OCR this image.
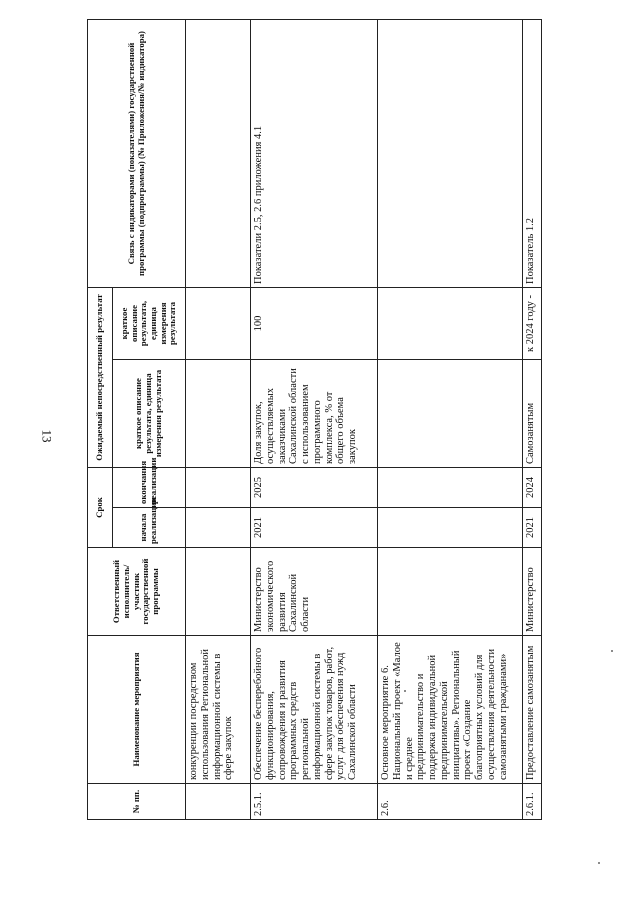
13
№ пп.	Наименование мероприятия	Ответственный исполнитель/участник государственной программы	Срок		Ожидаемый непосредственный результат		Связь с индикаторами (показателями) государственной программы (подпрограммы) (№ Приложения/№ индикатора)
			начала реализации	окончания реализации	краткое описание результата, единица измерения результата	краткое описание результата, единица измерения результата	
	конкуренции посредством использования Региональной информационной системы в сфере закупок						
2.5.1.	Обеспечение бесперебойного функционирования, сопровождения и развития программных средств региональной информационной системы в сфере закупок товаров, работ, услуг для обеспечения нужд Сахалинской области	Министерство экономического развития Сахалинской области	2021	2025	Доля закупок, осуществляемых заказчиками Сахалинской области с использованием программного комплекса, % от общего объема закупок	100	Показатели 2.5, 2.6 приложения 4.1
2.6.	Основное мероприятие 6. Национальный проект «Малое и среднее предпринимательство и поддержка индивидуальной предпринимательской инициативы». Региональный проект «Создание благоприятных условий для осуществления деятельности самозанятыми гражданами»						
2.6.1.	Предоставление самозанятым	Министерство	2021	2024	Самозанятым	к 2024 году -	Показатель 1.2
